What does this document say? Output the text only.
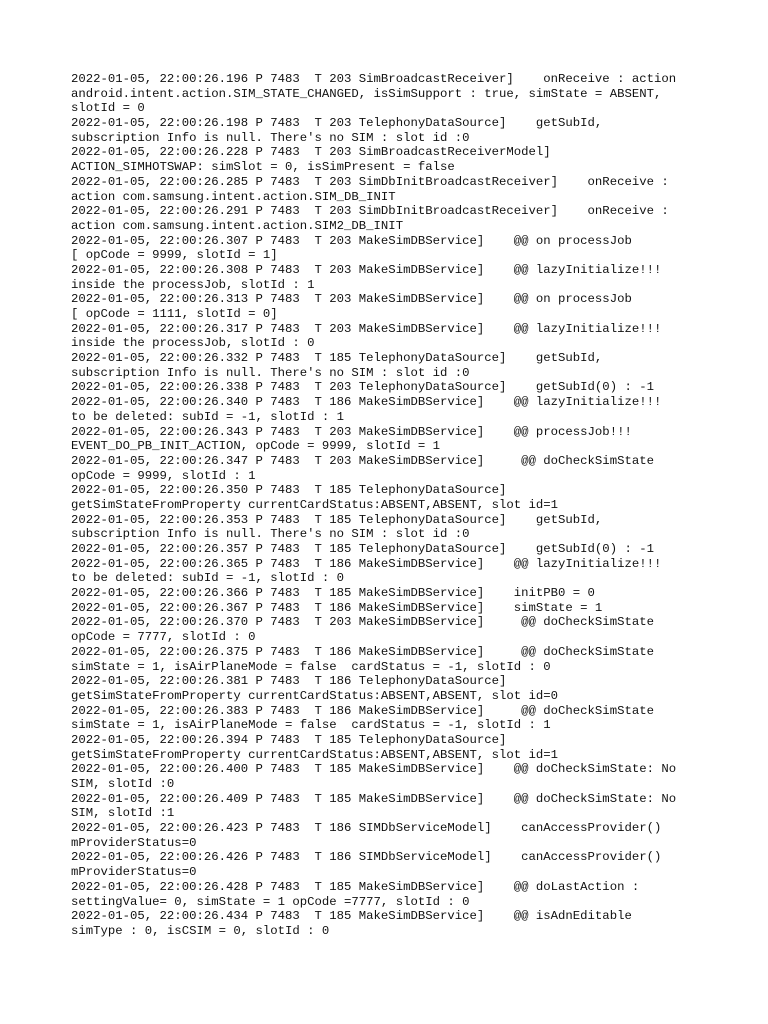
2022-01-05, 22:00:26.196 P 7483  T 203 SimBroadcastReceiver]    onReceive : action
android.intent.action.SIM_STATE_CHANGED, isSimSupport : true, simState = ABSENT,
slotId = 0
2022-01-05, 22:00:26.198 P 7483  T 203 TelephonyDataSource]    getSubId,
subscription Info is null. There's no SIM : slot id :0
2022-01-05, 22:00:26.228 P 7483  T 203 SimBroadcastReceiverModel]
ACTION_SIMHOTSWAP: simSlot = 0, isSimPresent = false
2022-01-05, 22:00:26.285 P 7483  T 203 SimDbInitBroadcastReceiver]    onReceive :
action com.samsung.intent.action.SIM_DB_INIT
2022-01-05, 22:00:26.291 P 7483  T 203 SimDbInitBroadcastReceiver]    onReceive :
action com.samsung.intent.action.SIM2_DB_INIT
2022-01-05, 22:00:26.307 P 7483  T 203 MakeSimDBService]    @@ on processJob
[ opCode = 9999, slotId = 1]
2022-01-05, 22:00:26.308 P 7483  T 203 MakeSimDBService]    @@ lazyInitialize!!!
inside the processJob, slotId : 1
2022-01-05, 22:00:26.313 P 7483  T 203 MakeSimDBService]    @@ on processJob
[ opCode = 1111, slotId = 0]
2022-01-05, 22:00:26.317 P 7483  T 203 MakeSimDBService]    @@ lazyInitialize!!!
inside the processJob, slotId : 0
2022-01-05, 22:00:26.332 P 7483  T 185 TelephonyDataSource]    getSubId,
subscription Info is null. There's no SIM : slot id :0
2022-01-05, 22:00:26.338 P 7483  T 203 TelephonyDataSource]    getSubId(0) : -1
2022-01-05, 22:00:26.340 P 7483  T 186 MakeSimDBService]    @@ lazyInitialize!!!
to be deleted: subId = -1, slotId : 1
2022-01-05, 22:00:26.343 P 7483  T 203 MakeSimDBService]    @@ processJob!!!
EVENT_DO_PB_INIT_ACTION, opCode = 9999, slotId = 1
2022-01-05, 22:00:26.347 P 7483  T 203 MakeSimDBService]     @@ doCheckSimState
opCode = 9999, slotId : 1
2022-01-05, 22:00:26.350 P 7483  T 185 TelephonyDataSource]
getSimStateFromProperty currentCardStatus:ABSENT,ABSENT, slot id=1
2022-01-05, 22:00:26.353 P 7483  T 185 TelephonyDataSource]    getSubId,
subscription Info is null. There's no SIM : slot id :0
2022-01-05, 22:00:26.357 P 7483  T 185 TelephonyDataSource]    getSubId(0) : -1
2022-01-05, 22:00:26.365 P 7483  T 186 MakeSimDBService]    @@ lazyInitialize!!!
to be deleted: subId = -1, slotId : 0
2022-01-05, 22:00:26.366 P 7483  T 185 MakeSimDBService]    initPB0 = 0
2022-01-05, 22:00:26.367 P 7483  T 186 MakeSimDBService]    simState = 1
2022-01-05, 22:00:26.370 P 7483  T 203 MakeSimDBService]     @@ doCheckSimState
opCode = 7777, slotId : 0
2022-01-05, 22:00:26.375 P 7483  T 186 MakeSimDBService]     @@ doCheckSimState
simState = 1, isAirPlaneMode = false  cardStatus = -1, slotId : 0
2022-01-05, 22:00:26.381 P 7483  T 186 TelephonyDataSource]
getSimStateFromProperty currentCardStatus:ABSENT,ABSENT, slot id=0
2022-01-05, 22:00:26.383 P 7483  T 186 MakeSimDBService]     @@ doCheckSimState
simState = 1, isAirPlaneMode = false  cardStatus = -1, slotId : 1
2022-01-05, 22:00:26.394 P 7483  T 185 TelephonyDataSource]
getSimStateFromProperty currentCardStatus:ABSENT,ABSENT, slot id=1
2022-01-05, 22:00:26.400 P 7483  T 185 MakeSimDBService]    @@ doCheckSimState: No
SIM, slotId :0
2022-01-05, 22:00:26.409 P 7483  T 185 MakeSimDBService]    @@ doCheckSimState: No
SIM, slotId :1
2022-01-05, 22:00:26.423 P 7483  T 186 SIMDbServiceModel]    canAccessProvider()
mProviderStatus=0
2022-01-05, 22:00:26.426 P 7483  T 186 SIMDbServiceModel]    canAccessProvider()
mProviderStatus=0
2022-01-05, 22:00:26.428 P 7483  T 185 MakeSimDBService]    @@ doLastAction :
settingValue= 0, simState = 1 opCode =7777, slotId : 0
2022-01-05, 22:00:26.434 P 7483  T 185 MakeSimDBService]    @@ isAdnEditable
simType : 0, isCSIM = 0, slotId : 0
